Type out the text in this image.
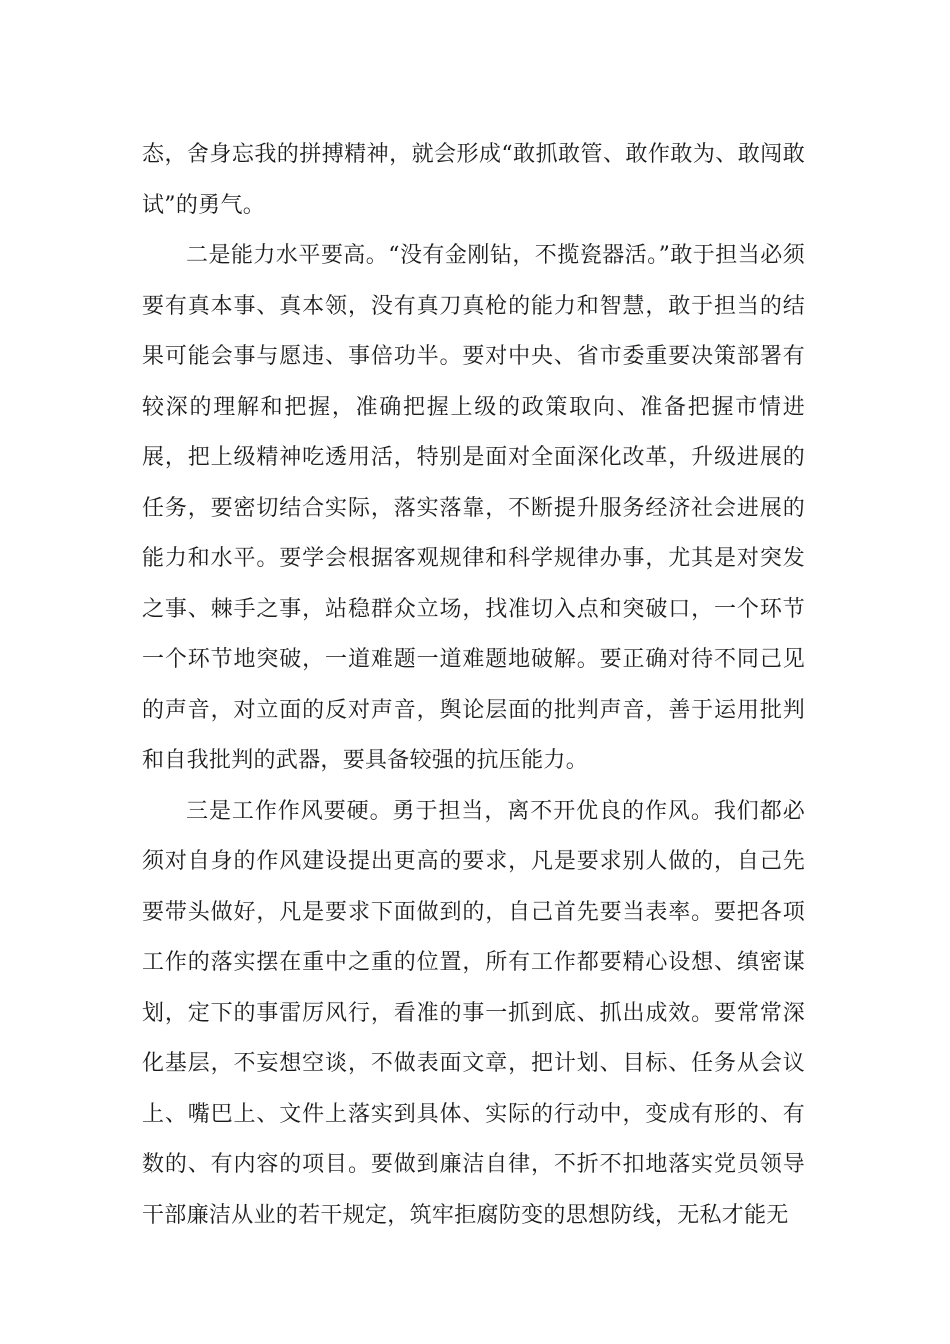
态，舍身忘我的拼搏精神，就会形成“敢抓敢管、敢作敢为、敢闯敢试”的勇气。

二是能力水平要高。“没有金刚钻，不揽瓷器活。”敢于担当必须要有真本事、真本领，没有真刀真枪的能力和智慧，敢于担当的结果可能会事与愿违、事倍功半。要对中央、省市委重要决策部署有较深的理解和把握，准确把握上级的政策取向、准备把握市情进展，把上级精神吃透用活，特别是面对全面深化改革，升级进展的任务，要密切结合实际，落实落靠，不断提升服务经济社会进展的能力和水平。要学会根据客观规律和科学规律办事，尤其是对突发之事、棘手之事，站稳群众立场，找准切入点和突破口，一个环节一个环节地突破，一道难题一道难题地破解。要正确对待不同己见的声音，对立面的反对声音，舆论层面的批判声音，善于运用批判和自我批判的武器，要具备较强的抗压能力。

三是工作作风要硬。勇于担当，离不开优良的作风。我们都必须对自身的作风建设提出更高的要求，凡是要求别人做的，自己先要带头做好，凡是要求下面做到的，自己首先要当表率。要把各项工作的落实摆在重中之重的位置，所有工作都要精心设想、缜密谋划，定下的事雷厉风行，看准的事一抓到底、抓出成效。要常常深化基层，不妄想空谈，不做表面文章，把计划、目标、任务从会议上、嘴巴上、文件上落实到具体、实际的行动中，变成有形的、有数的、有内容的项目。要做到廉洁自律，不折不扣地落实党员领导干部廉洁从业的若干规定，筑牢拒腐防变的思想防线，无私才能无
